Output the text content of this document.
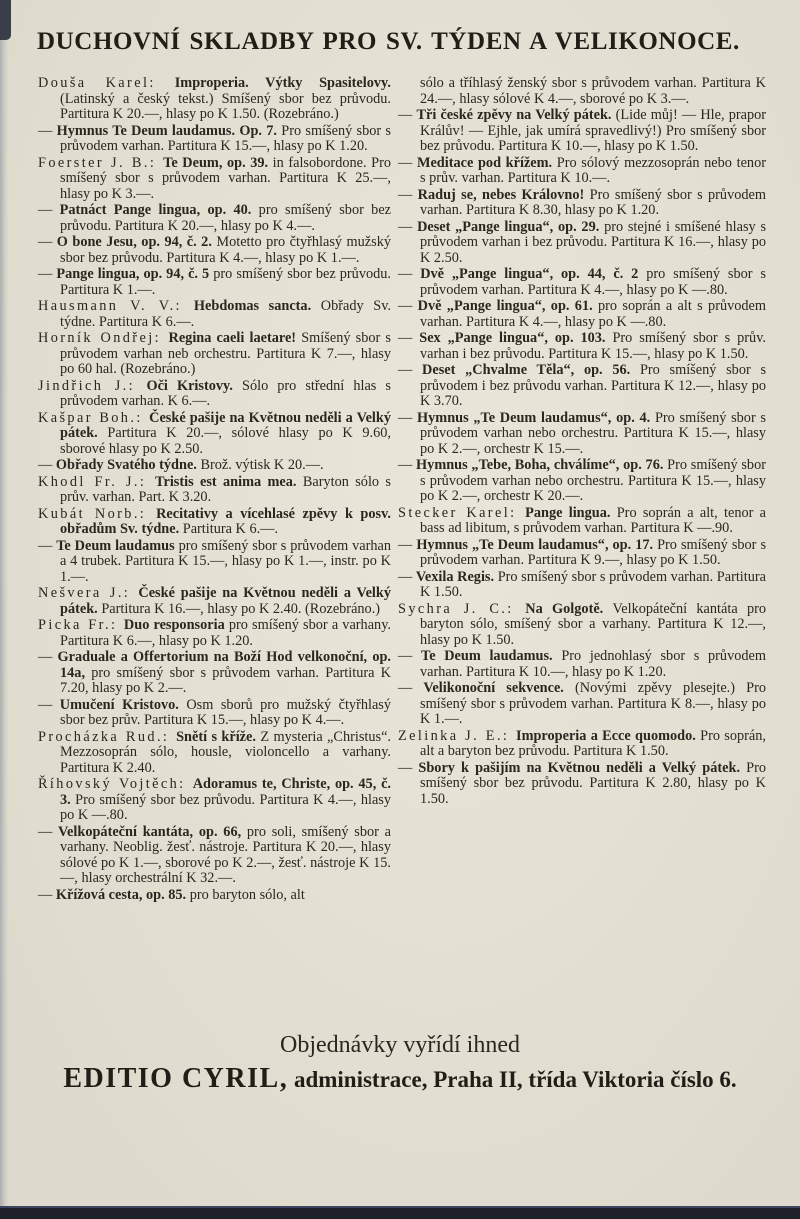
DUCHOVNÍ SKLADBY PRO SV. TÝDEN A VELIKONOCE.

Douša Karel: Improperia. Výtky Spasitelovy. (Latinský a český tekst.) Smíšený sbor bez průvodu. Partitura K 20.—, hlasy po K 1.50. (Rozebráno.)

— Hymnus Te Deum laudamus. Op. 7. Pro smíšený sbor s průvodem varhan. Partitura K 15.—, hlasy po K 1.20.

Foerster J. B.: Te Deum, op. 39. in falsobordone. Pro smíšený sbor s průvodem varhan. Partitura K 25.—, hlasy po K 3.—.

— Patnáct Pange lingua, op. 40. pro smíšený sbor bez průvodu. Partitura K 20.—, hlasy po K 4.—.

— O bone Jesu, op. 94, č. 2. Motetto pro čtyřhlasý mužský sbor bez průvodu. Partitura K 4.—, hlasy po K 1.—.

— Pange lingua, op. 94, č. 5 pro smíšený sbor bez průvodu. Partitura K 1.—.

Hausmann V. V.: Hebdomas sancta. Obřady Sv. týdne. Partitura K 6.—.

Horník Ondřej: Regina caeli laetare! Smíšený sbor s průvodem varhan neb orchestru. Partitura K 7.—, hlasy po 60 hal. (Rozebráno.)

Jindřich J.: Oči Kristovy. Sólo pro střední hlas s průvodem varhan. K 6.—.

Kašpar Boh.: České pašije na Květnou neděli a Velký pátek. Partitura K 20.—, sólové hlasy po K 9.60, sborové hlasy po K 2.50.

— Obřady Svatého týdne. Brož. výtisk K 20.—.

Khodl Fr. J.: Tristis est anima mea. Baryton sólo s prův. varhan. Part. K 3.20.

Kubát Norb.: Recitativy a vícehlasé zpěvy k posv. obřadům Sv. týdne. Partitura K 6.—.

— Te Deum laudamus pro smíšený sbor s průvodem varhan a 4 trubek. Partitura K 15.—, hlasy po K 1.—, instr. po K 1.—.

Nešvera J.: České pašije na Květnou neděli a Velký pátek. Partitura K 16.—, hlasy po K 2.40. (Rozebráno.)

Picka Fr.: Duo responsoria pro smíšený sbor a varhany. Partitura K 6.—, hlasy po K 1.20.

— Graduale a Offertorium na Boží Hod velkonoční, op. 14a, pro smíšený sbor s průvodem varhan. Partitura K 7.20, hlasy po K 2.—.

— Umučení Kristovo. Osm sborů pro mužský čtyřhlasý sbor bez prův. Partitura K 15.—, hlasy po K 4.—.

Procházka Rud.: Snětí s kříže. Z mysteria „Christus“. Mezzosoprán sólo, housle, violoncello a varhany. Partitura K 2.40.

Říhovský Vojtěch: Adoramus te, Christe, op. 45, č. 3. Pro smíšený sbor bez průvodu. Partitura K 4.—, hlasy po K —.80.

— Velkopáteční kantáta, op. 66, pro soli, smíšený sbor a varhany. Neoblig. žesť. nástroje. Partitura K 20.—, hlasy sólové po K 1.—, sborové po K 2.—, žesť. nástroje K 15.—, hlasy orchestrální K 32.—.

— Křížová cesta, op. 85. pro baryton sólo, alt

sólo a tříhlasý ženský sbor s průvodem varhan. Partitura K 24.—, hlasy sólové K 4.—, sborové po K 3.—.

— Tři české zpěvy na Velký pátek. (Lide můj! — Hle, prapor Králův! — Ejhle, jak umírá spravedlivý!) Pro smíšený sbor bez průvodu. Partitura K 10.—, hlasy po K 1.50.

— Meditace pod křížem. Pro sólový mezzosoprán nebo tenor s prův. varhan. Partitura K 10.—.

— Raduj se, nebes Královno! Pro smíšený sbor s průvodem varhan. Partitura K 8.30, hlasy po K 1.20.

— Deset „Pange lingua“, op. 29. pro stejné i smíšené hlasy s průvodem varhan i bez průvodu. Partitura K 16.—, hlasy po K 2.50.

— Dvě „Pange lingua“, op. 44, č. 2 pro smíšený sbor s průvodem varhan. Partitura K 4.—, hlasy po K —.80.

— Dvě „Pange lingua“, op. 61. pro soprán a alt s průvodem varhan. Partitura K 4.—, hlasy po K —.80.

— Sex „Pange lingua“, op. 103. Pro smíšený sbor s prův. varhan i bez průvodu. Partitura K 15.—, hlasy po K 1.50.

— Deset „Chvalme Těla“, op. 56. Pro smíšený sbor s průvodem i bez průvodu varhan. Partitura K 12.—, hlasy po K 3.70.

— Hymnus „Te Deum laudamus“, op. 4. Pro smíšený sbor s průvodem varhan nebo orchestru. Partitura K 15.—, hlasy po K 2.—, orchestr K 15.—.

— Hymnus „Tebe, Boha, chválíme“, op. 76. Pro smíšený sbor s průvodem varhan nebo orchestru. Partitura K 15.—, hlasy po K 2.—, orchestr K 20.—.

Stecker Karel: Pange lingua. Pro soprán a alt, tenor a bass ad libitum, s průvodem varhan. Partitura K —.90.

— Hymnus „Te Deum laudamus“, op. 17. Pro smíšený sbor s průvodem varhan. Partitura K 9.—, hlasy po K 1.50.

— Vexila Regis. Pro smíšený sbor s průvodem varhan. Partitura K 1.50.

Sychra J. C.: Na Golgotě. Velkopáteční kantáta pro baryton sólo, smíšený sbor a varhany. Partitura K 12.—, hlasy po K 1.50.

— Te Deum laudamus. Pro jednohlasý sbor s průvodem varhan. Partitura K 10.—, hlasy po K 1.20.

— Velikonoční sekvence. (Novými zpěvy plesejte.) Pro smíšený sbor s průvodem varhan. Partitura K 8.—, hlasy po K 1.—.

Zelinka J. E.: Improperia a Ecce quomodo. Pro soprán, alt a baryton bez průvodu. Partitura K 1.50.

— Sbory k pašijím na Květnou neděli a Velký pátek. Pro smíšený sbor bez průvodu. Partitura K 2.80, hlasy po K 1.50.

Objednávky vyřídí ihned
EDITIO CYRIL, administrace, Praha II, třída Viktoria číslo 6.
